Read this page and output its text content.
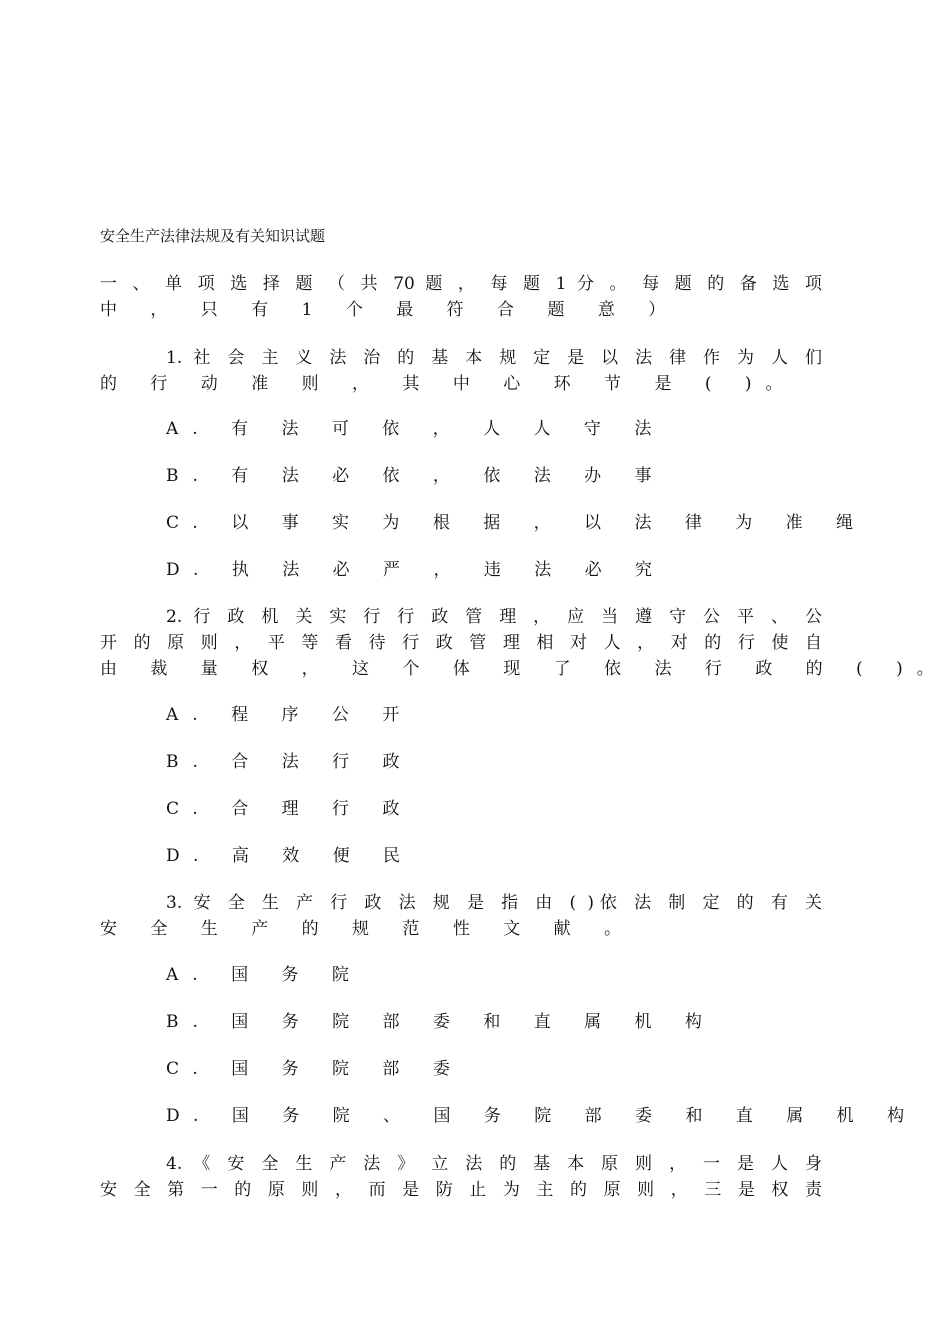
安全生产法律法规及有关知识试题
一 、 单 项 选 择 题 （ 共 70 题 ， 每 题 1 分 。 每 题 的 备 选 项
中 ， 只 有 1 个 最 符 合 题 意 ）
1. 社 会 主 义 法 治 的 基 本 规 定 是 以 法 律 作 为 人 们
的 行 动 准 则 ， 其 中 心 环 节 是 ( )。
A. 有 法 可 依 ， 人 人 守 法
B. 有 法 必 依 ， 依 法 办 事
C. 以 事 实 为 根 据 ， 以 法 律 为 准 绳
D. 执 法 必 严 ， 违 法 必 究
2. 行 政 机 关 实 行 行 政 管 理 ， 应 当 遵 守 公 平 、 公
开 的 原 则 ， 平 等 看 待 行 政 管 理 相 对 人 ， 对 的 行 使 自
由 裁 量 权 ， 这 个 体 现 了 依 法 行 政 的 ( )。
A. 程 序 公 开
B. 合 法 行 政
C. 合 理 行 政
D. 高 效 便 民
3. 安 全 生 产 行 政 法 规 是 指 由 ( )依 法 制 定 的 有 关
安 全 生 产 的 规 范 性 文 献 。
A. 国 务 院
B. 国 务 院 部 委 和 直 属 机 构
C. 国 务 院 部 委
D. 国 务 院 、 国 务 院 部 委 和 直 属 机 构
4. 《 安 全 生 产 法 》 立 法 的 基 本 原 则 ， 一 是 人 身
安 全 第 一 的 原 则 ， 而 是 防 止 为 主 的 原 则 ， 三 是 权 责
